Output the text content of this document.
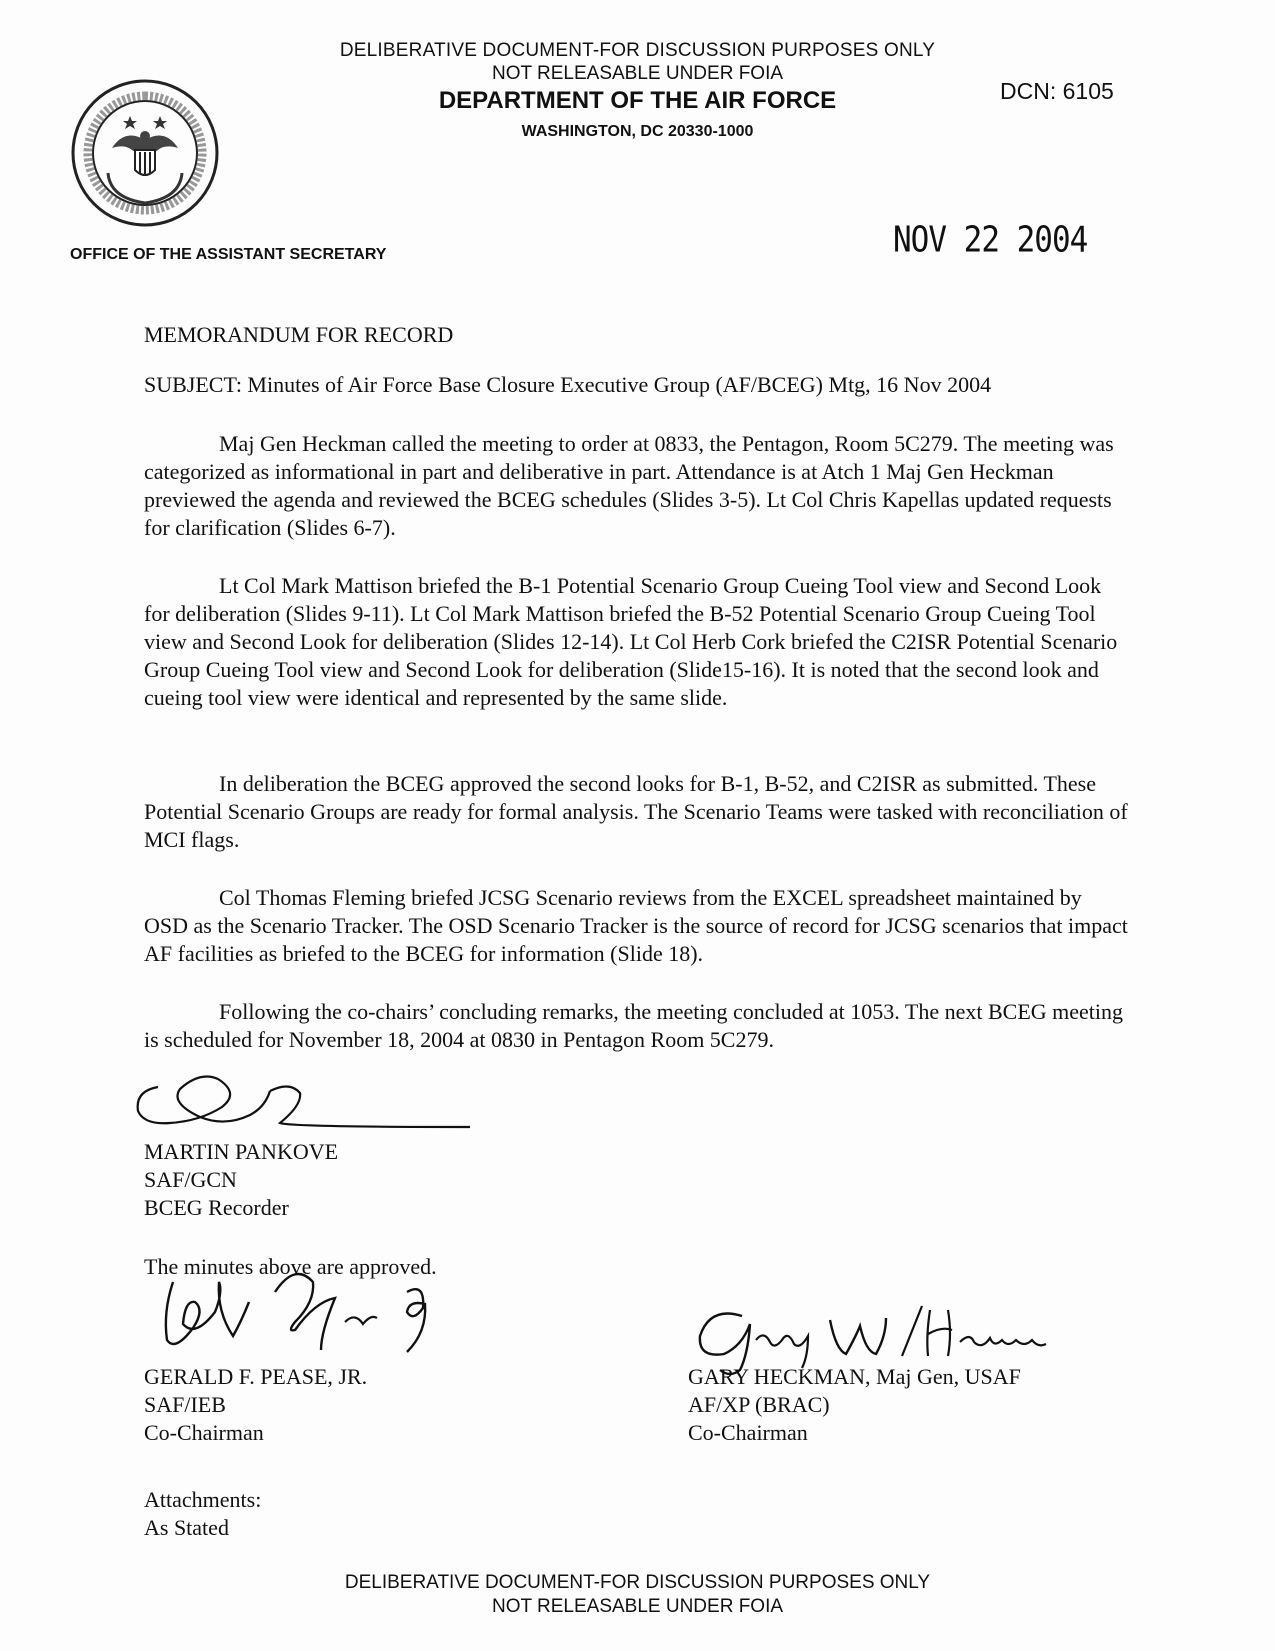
DELIBERATIVE DOCUMENT-FOR DISCUSSION PURPOSES ONLY
NOT RELEASABLE UNDER FOIA
DEPARTMENT OF THE AIR FORCE
WASHINGTON, DC 20330-1000
DCN: 6105
OFFICE OF THE ASSISTANT SECRETARY	NOV 22 2004
MEMORANDUM FOR RECORD
SUBJECT: Minutes of Air Force Base Closure Executive Group (AF/BCEG) Mtg, 16 Nov 2004

Maj Gen Heckman called the meeting to order at 0833, the Pentagon, Room 5C279. The meeting was categorized as informational in part and deliberative in part. Attendance is at Atch 1 Maj Gen Heckman previewed the agenda and reviewed the BCEG schedules (Slides 3-5). Lt Col Chris Kapellas updated requests for clarification (Slides 6-7).

Lt Col Mark Mattison briefed the B-1 Potential Scenario Group Cueing Tool view and Second Look for deliberation (Slides 9-11). Lt Col Mark Mattison briefed the B-52 Potential Scenario Group Cueing Tool view and Second Look for deliberation (Slides 12-14). Lt Col Herb Cork briefed the C2ISR Potential Scenario Group Cueing Tool view and Second Look for deliberation (Slide15-16). It is noted that the second look and cueing tool view were identical and represented by the same slide.

In deliberation the BCEG approved the second looks for B-1, B-52, and C2ISR as submitted. These Potential Scenario Groups are ready for formal analysis. The Scenario Teams were tasked with reconciliation of MCI flags.

Col Thomas Fleming briefed JCSG Scenario reviews from the EXCEL spreadsheet maintained by OSD as the Scenario Tracker. The OSD Scenario Tracker is the source of record for JCSG scenarios that impact AF facilities as briefed to the BCEG for information (Slide 18).

Following the co-chairs’ concluding remarks, the meeting concluded at 1053. The next BCEG meeting is scheduled for November 18, 2004 at 0830 in Pentagon Room 5C279.

MARTIN PANKOVE
SAF/GCN
BCEG Recorder
The minutes above are approved.
GERALD F. PEASE, JR.
SAF/IEB
Co-Chairman
GARY HECKMAN, Maj Gen, USAF
AF/XP (BRAC)
Co-Chairman
Attachments:
As Stated
DELIBERATIVE DOCUMENT-FOR DISCUSSION PURPOSES ONLY
NOT RELEASABLE UNDER FOIA
